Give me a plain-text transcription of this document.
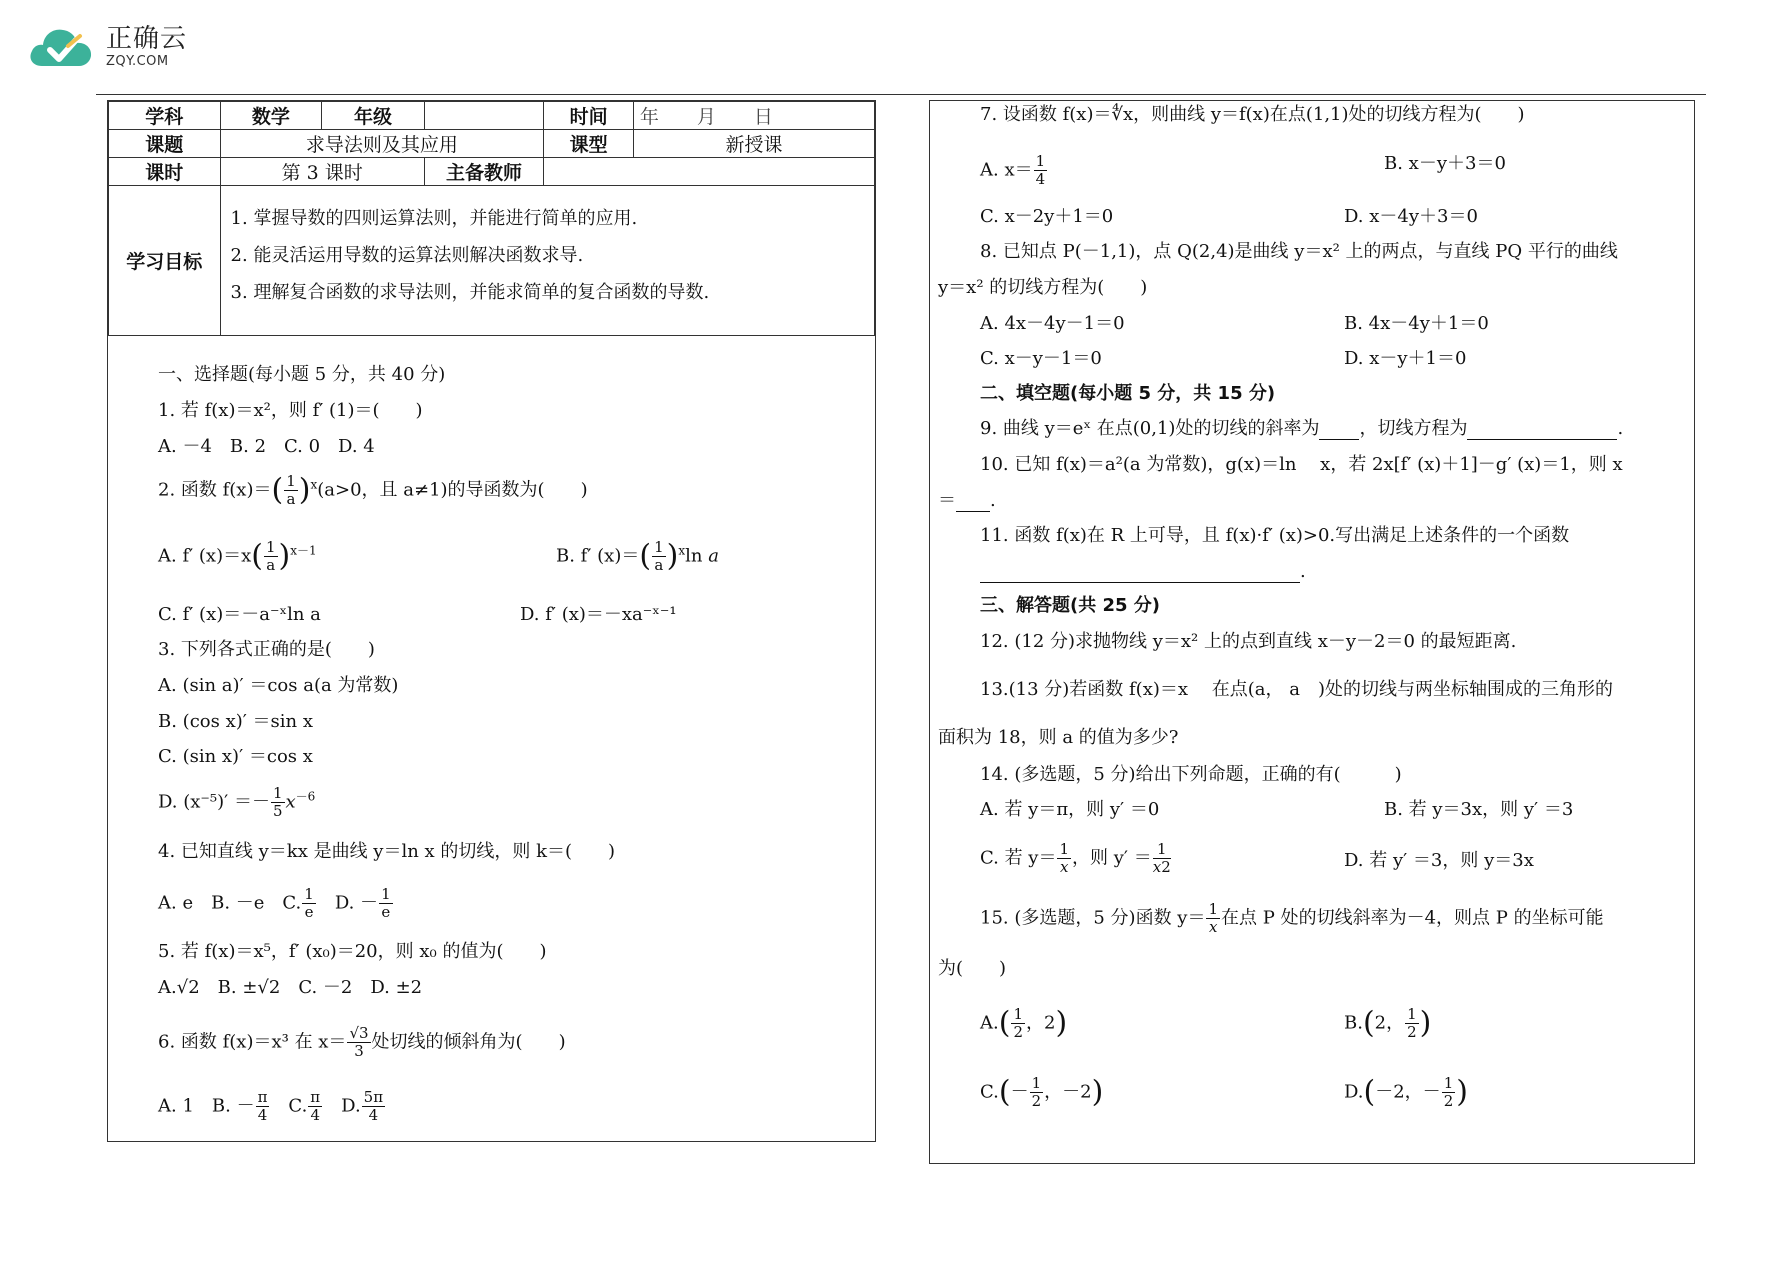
正确云
ZQY.COM
学科	数学	年级		时间	年　　月　　日
课题	求导法则及其应用			课型	新授课
课时	第 3 课时		主备教师		
学习目标	1. 掌握导数的四则运算法则，并能进行简单的应用.
2. 能灵活运用导数的运算法则解决函数求导.
3. 理解复合函数的求导法则，并能求简单的复合函数的导数.				
一、选择题(每小题 5 分，共 40 分)
1. 若 f(x)＝x²，则 f′ (1)＝(　　)
A. －4　B. 2　C. 0　D. 4
2. 函数 $f(x)=( \frac{1}{a} )^x(a>0$，且 a≠1)的导函数为(　　)
A. f′ $(x)=x( \frac{1}{a} )^{x-1}$	B. f′ $(x)=( \frac{1}{a} )^x\ln$ a
C. f′ (x)＝－a⁻ˣln a	D. f′ (x)＝－xa⁻ˣ⁻¹
3. 下列各式正确的是(　　)
A. (sin a)′ ＝cos a(a 为常数)
B. (cos x)′ ＝sin x
C. (sin x)′ ＝cos x
D. $(x^{-5})' =- \frac{1}{5} x^{-6}$
4. 已知直线 y＝kx 是曲线 y＝ln x 的切线，则 k＝(　　)
A. e　B. －e　C. $\frac{1}{e}$
　 D. － $\frac{1}{e}$
5. 若 f(x)＝x⁵，f′ (x₀)＝20，则 x₀ 的值为(　　)
A.√2　B. ±√2　C. －2　D. ±2
6. 函数 f(x)＝x³ 在 $x= \frac{√3}{3}$ 处切线的倾斜角为(　　)
A. 1　B. － $\frac{\pi}{4}$ 　C. $\frac{\pi}{4}$ 　D. $\frac{5\pi}{4}$
7. 设函数 f(x)＝∜x，则曲线 y＝f(x)在点(1,1)处的切线方程为(　　)
A. $x= \frac{1}{4}$	B. x－y＋3＝0
C. x－2y＋1＝0	D. x－4y＋3＝0
8. 已知点 P(－1,1)，点 Q(2,4)是曲线 y＝x² 上的两点，与直线 PQ 平行的曲线
y＝x² 的切线方程为(　　)
A. 4x－4y－1＝0	B. 4x－4y＋1＝0
C. x－y－1＝0	D. x－y＋1＝0
二、填空题(每小题 5 分，共 15 分)
9. 曲线 y＝eˣ 在点(0,1)处的切线的斜率为 ，切线方程为	.
10. 已知 f(x)＝a²(a 为常数)，g(x)＝ln　 x，若 2x[f′ (x)＋1]－g′ (x)＝1，则 x
＝ .
11. 函数 f(x)在 R 上可导，且 f(x)·f′ (x)>0.写出满足上述条件的一个函数
.
三、解答题(共 25 分)
12. (12 分)求抛物线 y＝x² 上的点到直线 x－y－2＝0 的最短距离.
13.(13 分)若函数 f(x)＝x　 在点(a， a　)处的切线与两坐标轴围成的三角形的
面积为 18，则 a 的值为多少?
14. (多选题，5 分)给出下列命题，正确的有(　　　)
A. 若 y＝π，则 y′ ＝0	B. 若 y＝3x，则 y′ ＝3
C. 若 $y= \frac{1}{x}$ ，则 $y' = \frac{1}{x2}$	D. 若 y′ ＝3，则 y＝3x
15. (多选题，5 分)函数 $y= \frac{1}{x}$ 在点 P 处的切线斜率为－4，则点 P 的坐标可能
为(　　)
$A.( \frac{1}{2}$ ，2)	B.(2， $\frac{1}{2}$ )
$C.(- \frac{1}{2}$ ，－2)	D.(－2，－ $\frac{1}{2}$ )
